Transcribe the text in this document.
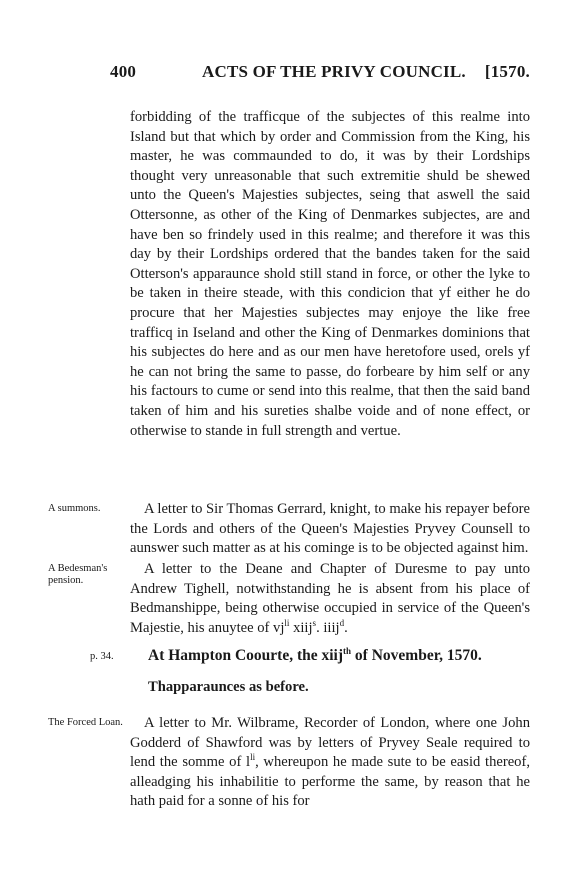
400	ACTS OF THE PRIVY COUNCIL. [1570.
forbidding of the trafficque of the subjectes of this realme into Island but that which by order and Commission from the King, his master, he was commaunded to do, it was by their Lordships thought very unreasonable that such extremitie shuld be shewed unto the Queen's Majesties subjectes, seing that aswell the said Ottersonne, as other of the King of Denmarkes subjectes, are and have ben so frindely used in this realme; and therefore it was this day by their Lordships ordered that the bandes taken for the said Otterson's apparaunce shold still stand in force, or other the lyke to be taken in theire steade, with this condicion that yf either he do procure that her Majesties subjectes may enjoye the like free trafficq in Iseland and other the King of Denmarkes dominions that his subjectes do here and as our men have heretofore used, orels yf he can not bring the same to passe, do forbeare by him self or any his factours to cume or send into this realme, that then the said band taken of him and his sureties shalbe voide and of none effect, or otherwise to stande in full strength and vertue.
A summons.	A letter to Sir Thomas Gerrard, knight, to make his repayer before the Lords and others of the Queen's Majesties Pryvey Counsell to aunswer such matter as at his cominge is to be objected against him.
A Bedesman's pension.
A letter to the Deane and Chapter of Duresme to pay unto Andrew Tighell, notwithstanding he is absent from his place of Bedmanshippe, being otherwise occupied in service of the Queen's Majestie, his anuytee of $vj^{li}$ xiij$^s$. iiij$^d$.
p. 34.	At Hampton Coourte, the xiij$^{th}$ of November, 1570.
Thapparaunces as before.
The Forced Loan.	A letter to Mr. Wilbrame, Recorder of London, where one John Godderd of Shawford was by letters of Pryvey Seale required to lend the somme of $l^{li}$, whereupon he made sute to be easid thereof, alleadging his inhabilitie to performe the same, by reason that he hath paid for a sonne of his for
